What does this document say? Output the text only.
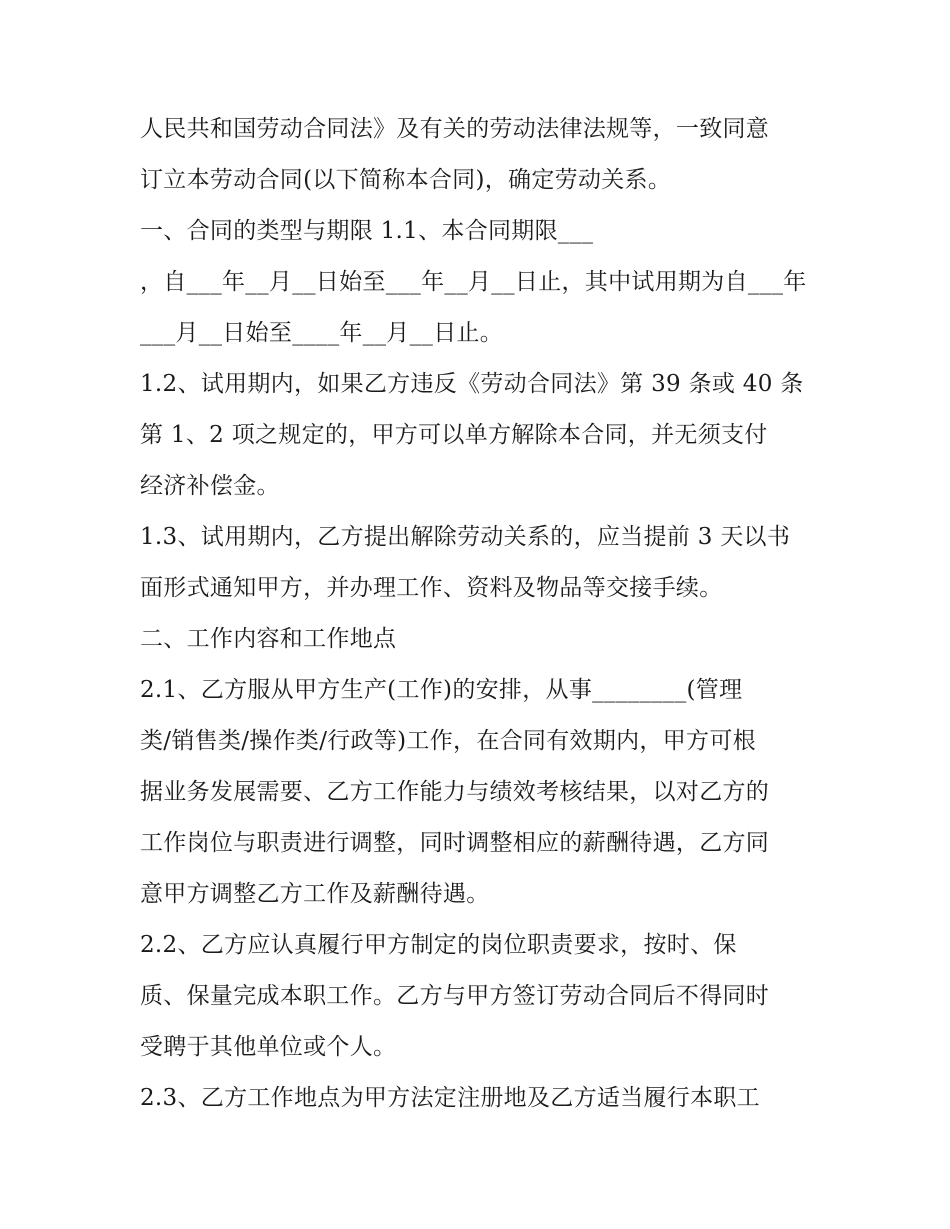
人民共和国劳动合同法》及有关的劳动法律法规等，一致同意
订立本劳动合同(以下简称本合同)，确定劳动关系。
一、合同的类型与期限 1.1、本合同期限___
，自___年__月__日始至___年__月__日止，其中试用期为自___年
___月__日始至____年__月__日止。
1.2、试用期内，如果乙方违反《劳动合同法》第 39 条或 40 条
第 1、2 项之规定的，甲方可以单方解除本合同，并无须支付
经济补偿金。
1.3、试用期内，乙方提出解除劳动关系的，应当提前 3 天以书
面形式通知甲方，并办理工作、资料及物品等交接手续。
二、工作内容和工作地点
2.1、乙方服从甲方生产(工作)的安排，从事________(管理
类/销售类/操作类/行政等)工作，在合同有效期内，甲方可根
据业务发展需要、乙方工作能力与绩效考核结果，以对乙方的
工作岗位与职责进行调整，同时调整相应的薪酬待遇，乙方同
意甲方调整乙方工作及薪酬待遇。
2.2、乙方应认真履行甲方制定的岗位职责要求，按时、保
质、保量完成本职工作。乙方与甲方签订劳动合同后不得同时
受聘于其他单位或个人。
2.3、乙方工作地点为甲方法定注册地及乙方适当履行本职工
